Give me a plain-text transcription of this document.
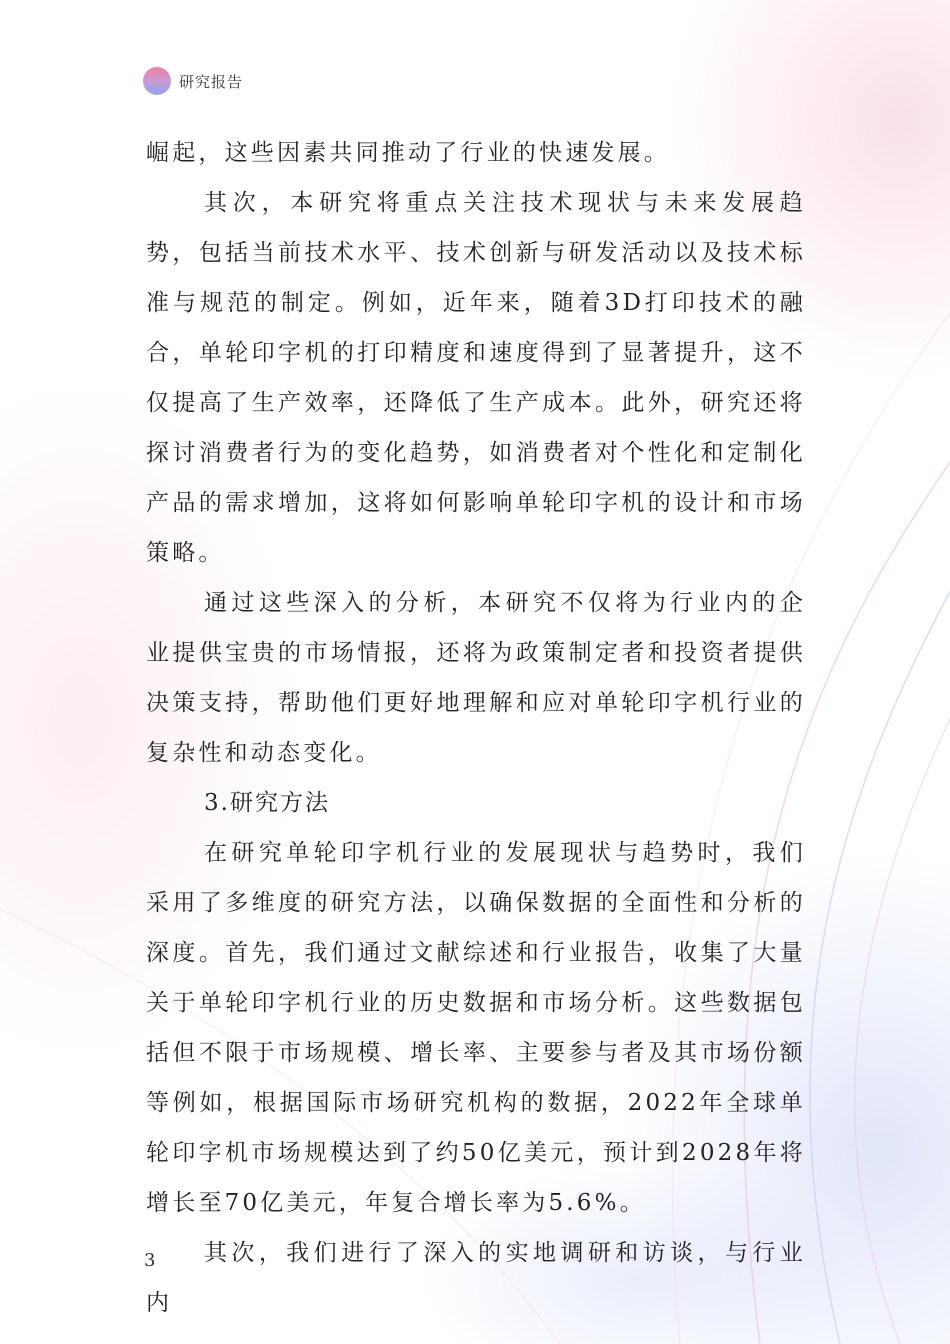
研究报告

崛起，这些因素共同推动了行业的快速发展。

其次，本研究将重点关注技术现状与未来发展趋势，包括当前技术水平、技术创新与研发活动以及技术标准与规范的制定。例如，近年来，随着3D打印技术的融合，单轮印字机的打印精度和速度得到了显著提升，这不仅提高了生产效率，还降低了生产成本。此外，研究还将探讨消费者行为的变化趋势，如消费者对个性化和定制化产品的需求增加，这将如何影响单轮印字机的设计和市场策略。

通过这些深入的分析，本研究不仅将为行业内的企业提供宝贵的市场情报，还将为政策制定者和投资者提供决策支持，帮助他们更好地理解和应对单轮印字机行业的复杂性和动态变化。

3.研究方法

在研究单轮印字机行业的发展现状与趋势时，我们采用了多维度的研究方法，以确保数据的全面性和分析的深度。首先，我们通过文献综述和行业报告，收集了大量关于单轮印字机行业的历史数据和市场分析。这些数据包括但不限于市场规模、增长率、主要参与者及其市场份额等例如，根据国际市场研究机构的数据，2022年全球单轮印字机市场规模达到了约50亿美元，预计到2028年将增长至70亿美元，年复合增长率为5.6%。

其次，我们进行了深入的实地调研和访谈，与行业内

3
